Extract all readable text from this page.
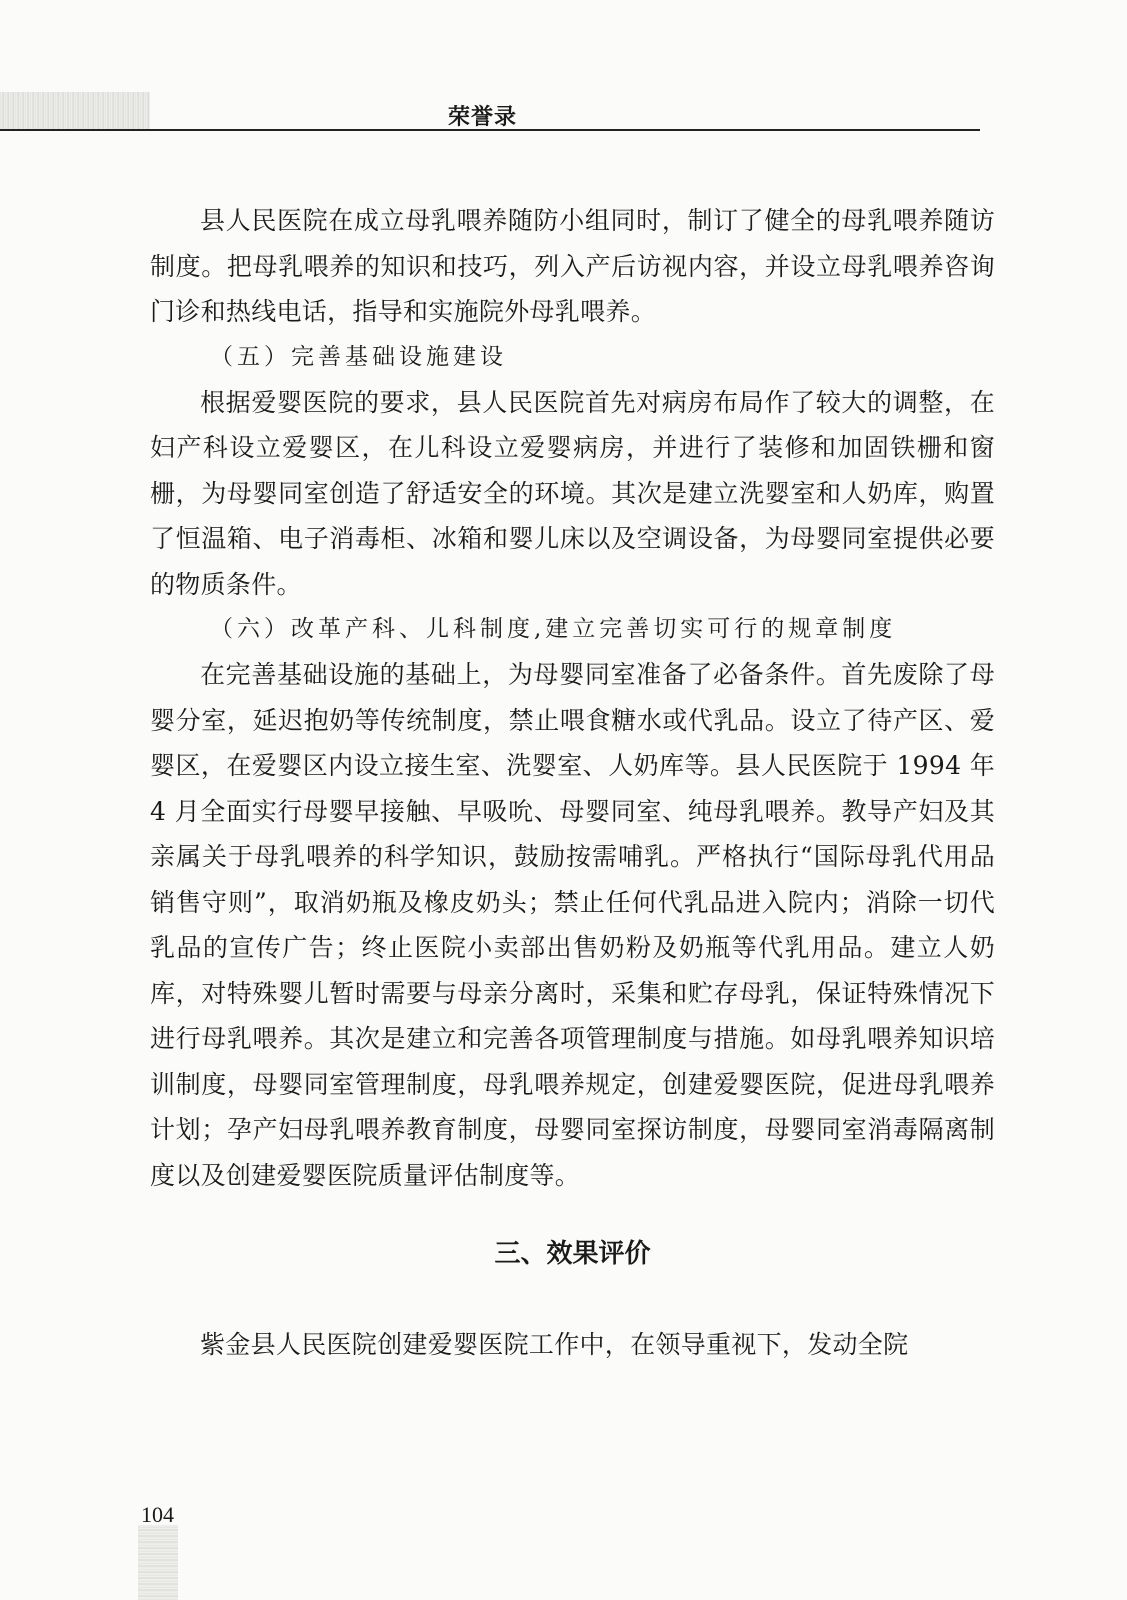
荣誉录

县人民医院在成立母乳喂养随防小组同时，制订了健全的母乳喂养随访制度。把母乳喂养的知识和技巧，列入产后访视内容，并设立母乳喂养咨询门诊和热线电话，指导和实施院外母乳喂养。

（五）完善基础设施建设

根据爱婴医院的要求，县人民医院首先对病房布局作了较大的调整，在妇产科设立爱婴区，在儿科设立爱婴病房，并进行了装修和加固铁栅和窗栅，为母婴同室创造了舒适安全的环境。其次是建立洗婴室和人奶库，购置了恒温箱、电子消毒柜、冰箱和婴儿床以及空调设备，为母婴同室提供必要的物质条件。

（六）改革产科、儿科制度,建立完善切实可行的规章制度

在完善基础设施的基础上，为母婴同室准备了必备条件。首先废除了母婴分室，延迟抱奶等传统制度，禁止喂食糖水或代乳品。设立了待产区、爱婴区，在爱婴区内设立接生室、洗婴室、人奶库等。县人民医院于 1994 年 4 月全面实行母婴早接触、早吸吮、母婴同室、纯母乳喂养。教导产妇及其亲属关于母乳喂养的科学知识，鼓励按需哺乳。严格执行“国际母乳代用品销售守则”，取消奶瓶及橡皮奶头；禁止任何代乳品进入院内；消除一切代乳品的宣传广告；终止医院小卖部出售奶粉及奶瓶等代乳用品。建立人奶库，对特殊婴儿暂时需要与母亲分离时，采集和贮存母乳，保证特殊情况下进行母乳喂养。其次是建立和完善各项管理制度与措施。如母乳喂养知识培训制度，母婴同室管理制度，母乳喂养规定，创建爱婴医院，促进母乳喂养计划；孕产妇母乳喂养教育制度，母婴同室探访制度，母婴同室消毒隔离制度以及创建爱婴医院质量评估制度等。

三、效果评价

紫金县人民医院创建爱婴医院工作中，在领导重视下，发动全院

104
